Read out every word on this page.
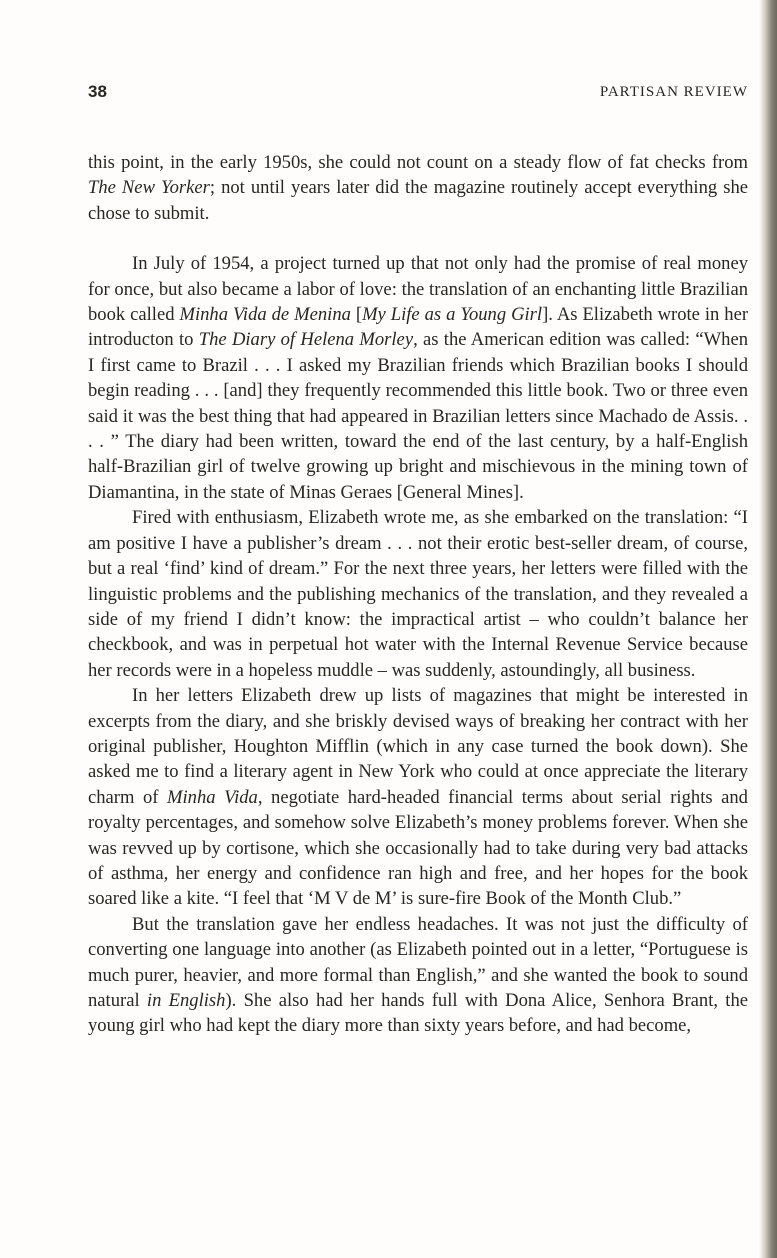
38	PARTISAN REVIEW

this point, in the early 1950s, she could not count on a steady flow of fat checks from The New Yorker; not until years later did the magazine routinely accept everything she chose to submit.

In July of 1954, a project turned up that not only had the promise of real money for once, but also became a labor of love: the translation of an enchanting little Brazilian book called Minha Vida de Menina [My Life as a Young Girl]. As Elizabeth wrote in her introducton to The Diary of Helena Morley, as the American edition was called: “When I first came to Brazil . . . I asked my Brazilian friends which Brazilian books I should begin reading . . . [and] they frequently recommended this little book. Two or three even said it was the best thing that had appeared in Brazilian letters since Machado de Assis. . . . ” The diary had been written, toward the end of the last century, by a half-English half-Brazilian girl of twelve growing up bright and mischievous in the mining town of Diamantina, in the state of Minas Geraes [General Mines].

Fired with enthusiasm, Elizabeth wrote me, as she embarked on the translation: “I am positive I have a publisher’s dream . . . not their erotic best-seller dream, of course, but a real ‘find’ kind of dream.” For the next three years, her letters were filled with the linguistic problems and the publishing mechanics of the translation, and they revealed a side of my friend I didn’t know: the impractical artist – who couldn’t balance her checkbook, and was in perpetual hot water with the Internal Revenue Service because her records were in a hopeless muddle – was suddenly, astoundingly, all business.

In her letters Elizabeth drew up lists of magazines that might be interested in excerpts from the diary, and she briskly devised ways of breaking her contract with her original publisher, Houghton Mifflin (which in any case turned the book down). She asked me to find a literary agent in New York who could at once appreciate the literary charm of Minha Vida, negotiate hard-headed financial terms about serial rights and royalty percentages, and somehow solve Elizabeth’s money problems forever. When she was revved up by cortisone, which she occasionally had to take during very bad attacks of asthma, her energy and confidence ran high and free, and her hopes for the book soared like a kite. “I feel that ‘M V de M’ is sure-fire Book of the Month Club.”

But the translation gave her endless headaches. It was not just the difficulty of converting one language into another (as Elizabeth pointed out in a letter, “Portuguese is much purer, heavier, and more formal than English,” and she wanted the book to sound natural in English). She also had her hands full with Dona Alice, Senhora Brant, the young girl who had kept the diary more than sixty years before, and had become,
